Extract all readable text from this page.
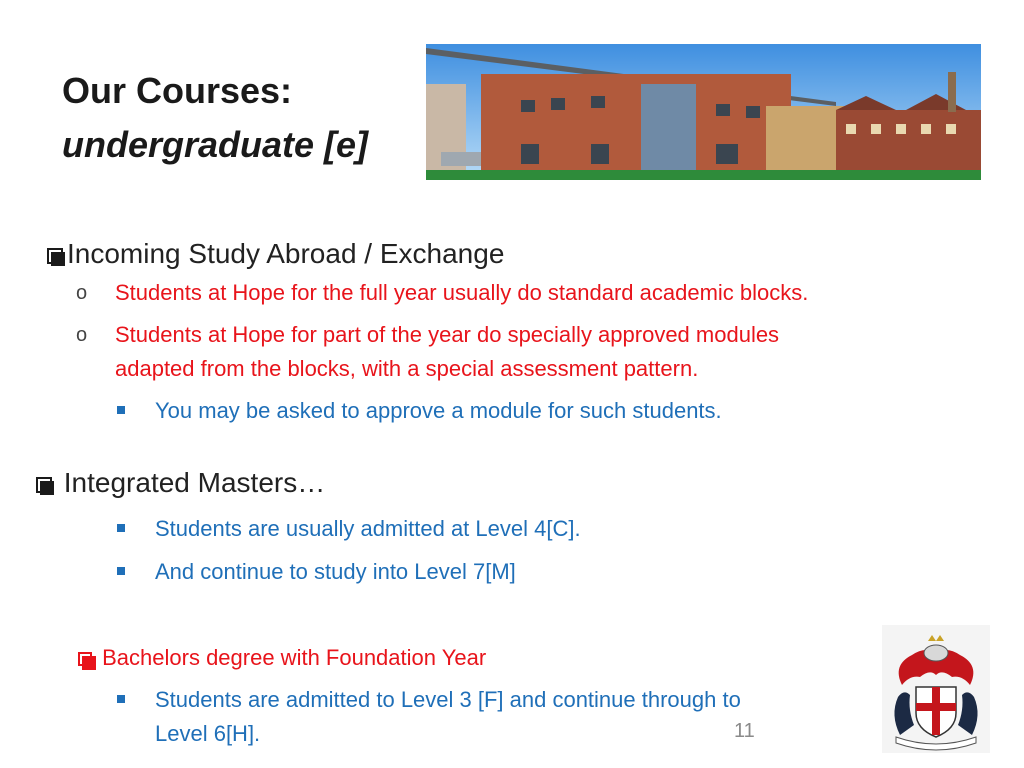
Our Courses:
undergraduate [e]
Incoming Study Abroad / Exchange
o Students at Hope for the full year usually do standard academic blocks.
o Students at Hope for part of the year do specially approved modules
adapted from the blocks, with a special assessment pattern.
You may be asked to approve a module for such students.
Integrated Masters…
Students are usually admitted at Level 4[C].
And continue to study into Level 7[M]
Bachelors degree with Foundation Year
Students are admitted to Level 3 [F] and continue through to
Level 6[H].	11
